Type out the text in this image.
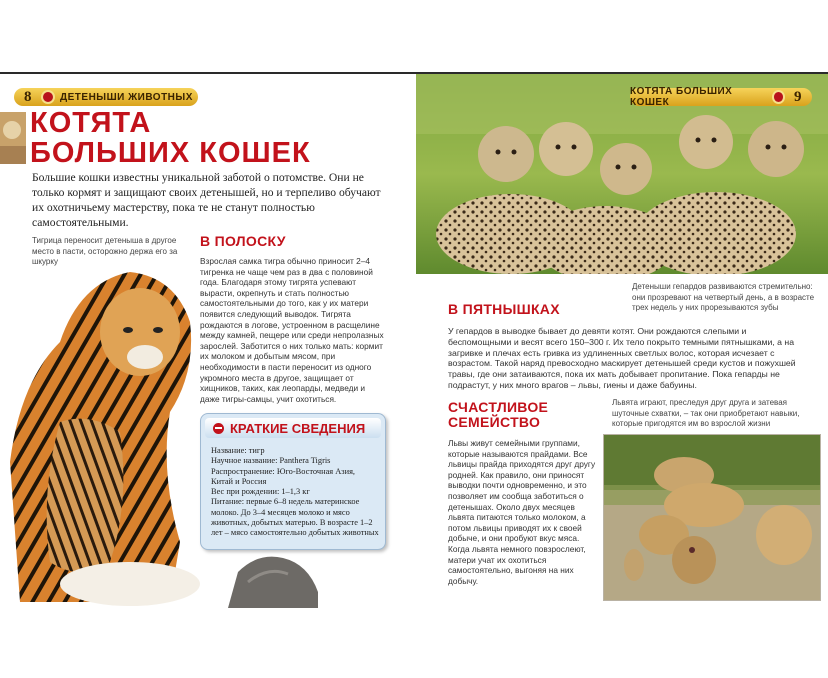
8	ДЕТЕНЫШИ ЖИВОТНЫХ	КОТЯТА БОЛЬШИХ КОШЕК	9
КОТЯТА
БОЛЬШИХ КОШЕК

Большие кошки известны уникальной заботой о потомстве. Они не только кормят и защищают своих детенышей, но и терпеливо обучают их охотничьему мастерству, пока те не станут полностью самостоятельными.

Тигрица переносит детеныша в другое место в пасти, осторожно держа его за шкурку

В ПОЛОСКУ

Взрослая самка тигра обычно приносит 2–4 тигренка не чаще чем раз в два с половиной года. Благодаря этому тигрята успевают вырасти, окрепнуть и стать полностью самостоятельными до того, как у их матери появится следующий выводок. Тигрята рождаются в логове, устроенном в расщелине между камней, пещере или среди непролазных зарослей. Заботится о них только мать: кормит их молоком и добытым мясом, при необходимости в пасти переносит из одного укромного места в другое, защищает от хищников, таких, как леопарды, медведи и даже тигры-самцы, учит охотиться.

КРАТКИЕ СВЕДЕНИЯ
Название: тигр
Научное название: Panthera Tigris
Распространение: Юго-Восточная Азия, Китай и Россия
Вес при рождении: 1–1,3 кг
Питание: первые 6–8 недель материнское молоко. До 3–4 месяцев молоко и мясо животных, добытых матерью. В возрасте 1–2 лет – мясо самостоятельно добытых животных

Детеныши гепардов развиваются стремительно: они прозревают на четвертый день, а в возрасте трех недель у них прорезываются зубы

В ПЯТНЫШКАХ

У гепардов в выводке бывает до девяти котят. Они рождаются слепыми и беспомощными и весят всего 150–300 г. Их тело покрыто темными пятнышками, а на загривке и плечах есть гривка из удлиненных светлых волос, которая исчезает с возрастом. Такой наряд превосходно маскирует детенышей среди кустов и пожухшей травы, где они затаиваются, пока их мать добывает пропитание. Пока гепарды не подрастут, у них много врагов – львы, гиены и даже бабуины.

СЧАСТЛИВОЕ
СЕМЕЙСТВО

Львята играют, преследуя друг друга и затевая шуточные схватки, – так они приобретают навыки, которые пригодятся им во взрослой жизни

Львы живут семейными группами, которые называются прайдами. Все львицы прайда приходятся друг другу родней. Как правило, они приносят выводки почти одновременно, и это позволяет им сообща заботиться о детенышах. Около двух месяцев львята питаются только молоком, а потом львицы приводят их к своей добыче, и они пробуют вкус мяса. Когда львята немного повзрослеют, матери учат их охотиться самостоятельно, выгоняя на них добычу.
